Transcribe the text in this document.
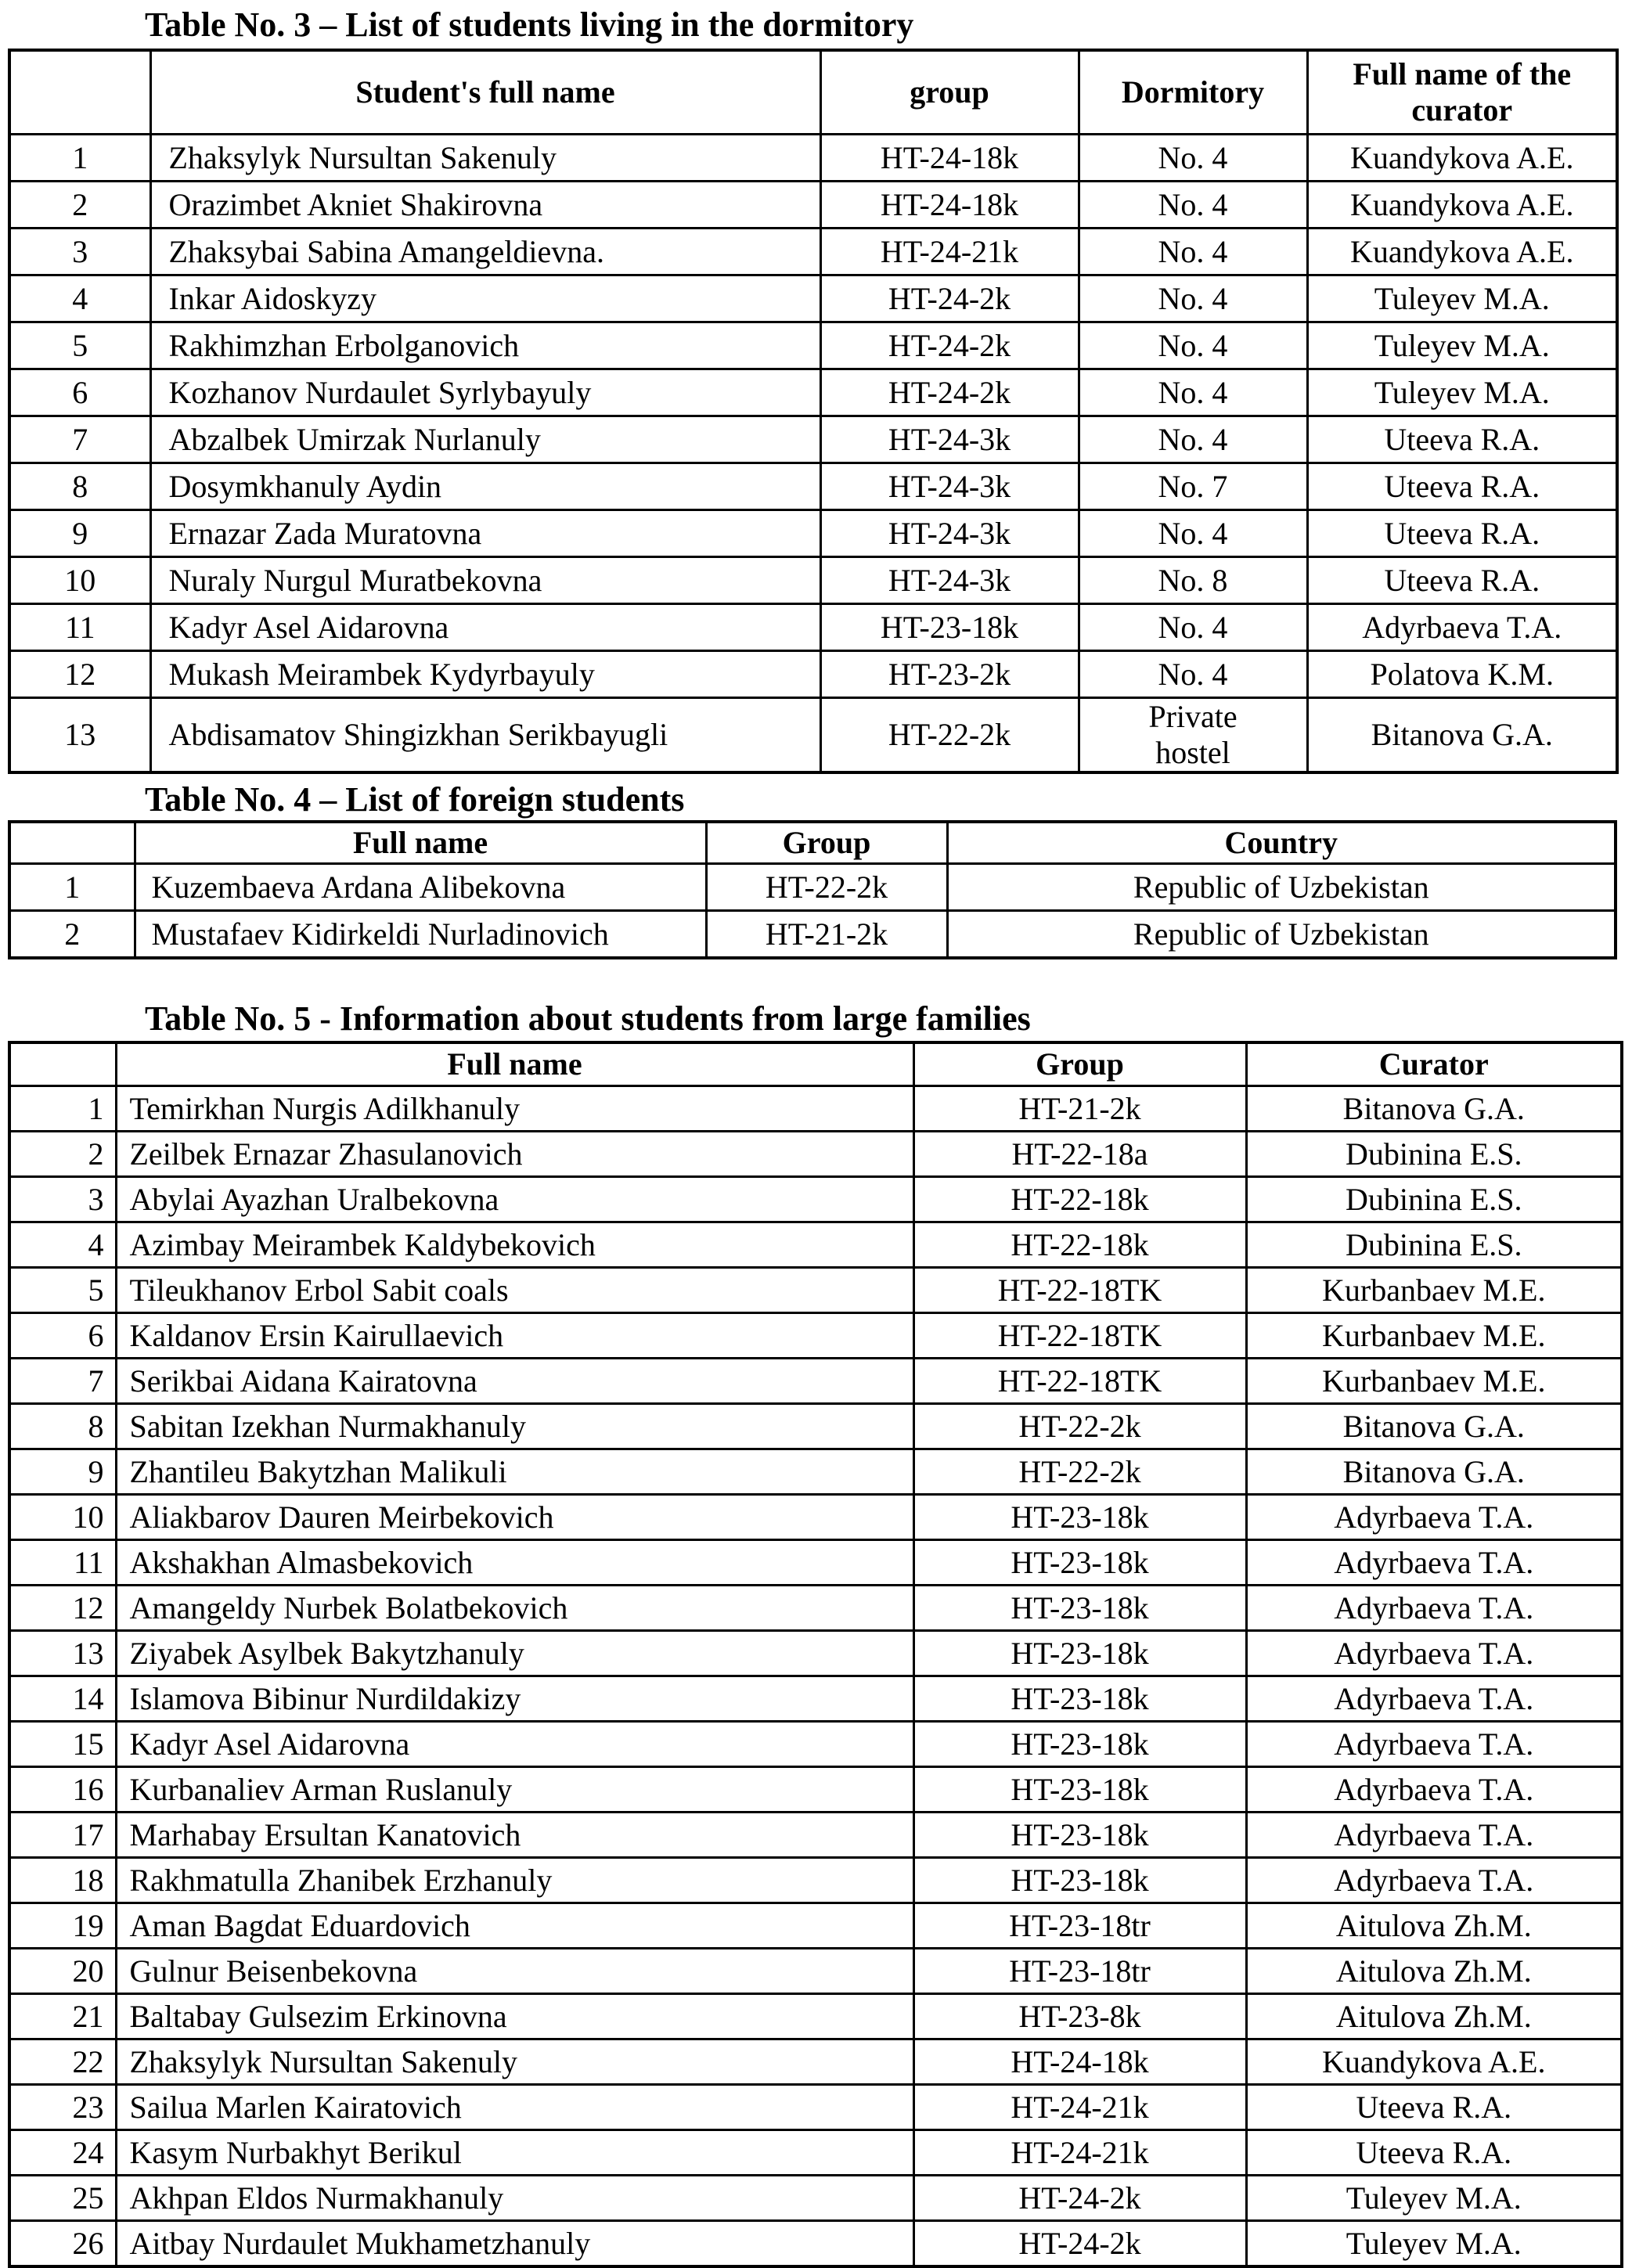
Table No. 3 – List of students living in the dormitory
	Student's full name	group	Dormitory	Full name of the curator
1	Zhaksylyk Nursultan Sakenuly	HT-24-18k	No. 4	Kuandykova A.E.
2	Orazimbet Akniet Shakirovna	HT-24-18k	No. 4	Kuandykova A.E.
3	Zhaksybai Sabina Amangeldievna.	HT-24-21k	No. 4	Kuandykova A.E.
4	Inkar Aidoskyzy	HT-24-2k	No. 4	Tuleyev M.A.
5	Rakhimzhan Erbolganovich	HT-24-2k	No. 4	Tuleyev M.A.
6	Kozhanov Nurdaulet Syrlybayuly	HT-24-2k	No. 4	Tuleyev M.A.
7	Abzalbek Umirzak Nurlanuly	HT-24-3k	No. 4	Uteeva R.A.
8	Dosymkhanuly Aydin	HT-24-3k	No. 7	Uteeva R.A.
9	Ernazar Zada Muratovna	HT-24-3k	No. 4	Uteeva R.A.
10	Nuraly Nurgul Muratbekovna	HT-24-3k	No. 8	Uteeva R.A.
11	Kadyr Asel Aidarovna	HT-23-18k	No. 4	Adyrbaeva T.A.
12	Mukash Meirambek Kydyrbayuly	HT-23-2k	No. 4	Polatova K.M.
13	Abdisamatov Shingizkhan Serikbayugli	HT-22-2k	Private hostel	Bitanova G.A.
Table No. 4 – List of foreign students
	Full name	Group	Country
1	Kuzembaeva Ardana Alibekovna	HT-22-2k	Republic of Uzbekistan
2	Mustafaev Kidirkeldi Nurladinovich	HT-21-2k	Republic of Uzbekistan
Table No. 5 - Information about students from large families
	Full name	Group	Curator
1	Temirkhan Nurgis Adilkhanuly	HT-21-2k	Bitanova G.A.
2	Zeilbek Ernazar Zhasulanovich	HT-22-18a	Dubinina E.S.
3	Abylai Ayazhan Uralbekovna	HT-22-18k	Dubinina E.S.
4	Azimbay Meirambek Kaldybekovich	HT-22-18k	Dubinina E.S.
5	Tileukhanov Erbol Sabit coals	HT-22-18TK	Kurbanbaev M.E.
6	Kaldanov Ersin Kairullaevich	HT-22-18TK	Kurbanbaev M.E.
7	Serikbai Aidana Kairatovna	HT-22-18TK	Kurbanbaev M.E.
8	Sabitan Izekhan Nurmakhanuly	HT-22-2k	Bitanova G.A.
9	Zhantileu Bakytzhan Malikuli	HT-22-2k	Bitanova G.A.
10	Aliakbarov Dauren Meirbekovich	HT-23-18k	Adyrbaeva T.A.
11	Akshakhan Almasbekovich	HT-23-18k	Adyrbaeva T.A.
12	Amangeldy Nurbek Bolatbekovich	HT-23-18k	Adyrbaeva T.A.
13	Ziyabek Asylbek Bakytzhanuly	HT-23-18k	Adyrbaeva T.A.
14	Islamova Bibinur Nurdildakizy	HT-23-18k	Adyrbaeva T.A.
15	Kadyr Asel Aidarovna	HT-23-18k	Adyrbaeva T.A.
16	Kurbanaliev Arman Ruslanuly	HT-23-18k	Adyrbaeva T.A.
17	Marhabay Ersultan Kanatovich	HT-23-18k	Adyrbaeva T.A.
18	Rakhmatulla Zhanibek Erzhanuly	HT-23-18k	Adyrbaeva T.A.
19	Aman Bagdat Eduardovich	HT-23-18tr	Aitulova Zh.M.
20	Gulnur Beisenbekovna	HT-23-18tr	Aitulova Zh.M.
21	Baltabay Gulsezim Erkinovna	HT-23-8k	Aitulova Zh.M.
22	Zhaksylyk Nursultan Sakenuly	HT-24-18k	Kuandykova A.E.
23	Sailua Marlen Kairatovich	HT-24-21k	Uteeva R.A.
24	Kasym Nurbakhyt Berikul	HT-24-21k	Uteeva R.A.
25	Akhpan Eldos Nurmakhanuly	HT-24-2k	Tuleyev M.A.
26	Aitbay Nurdaulet Mukhametzhanuly	HT-24-2k	Tuleyev M.A.
